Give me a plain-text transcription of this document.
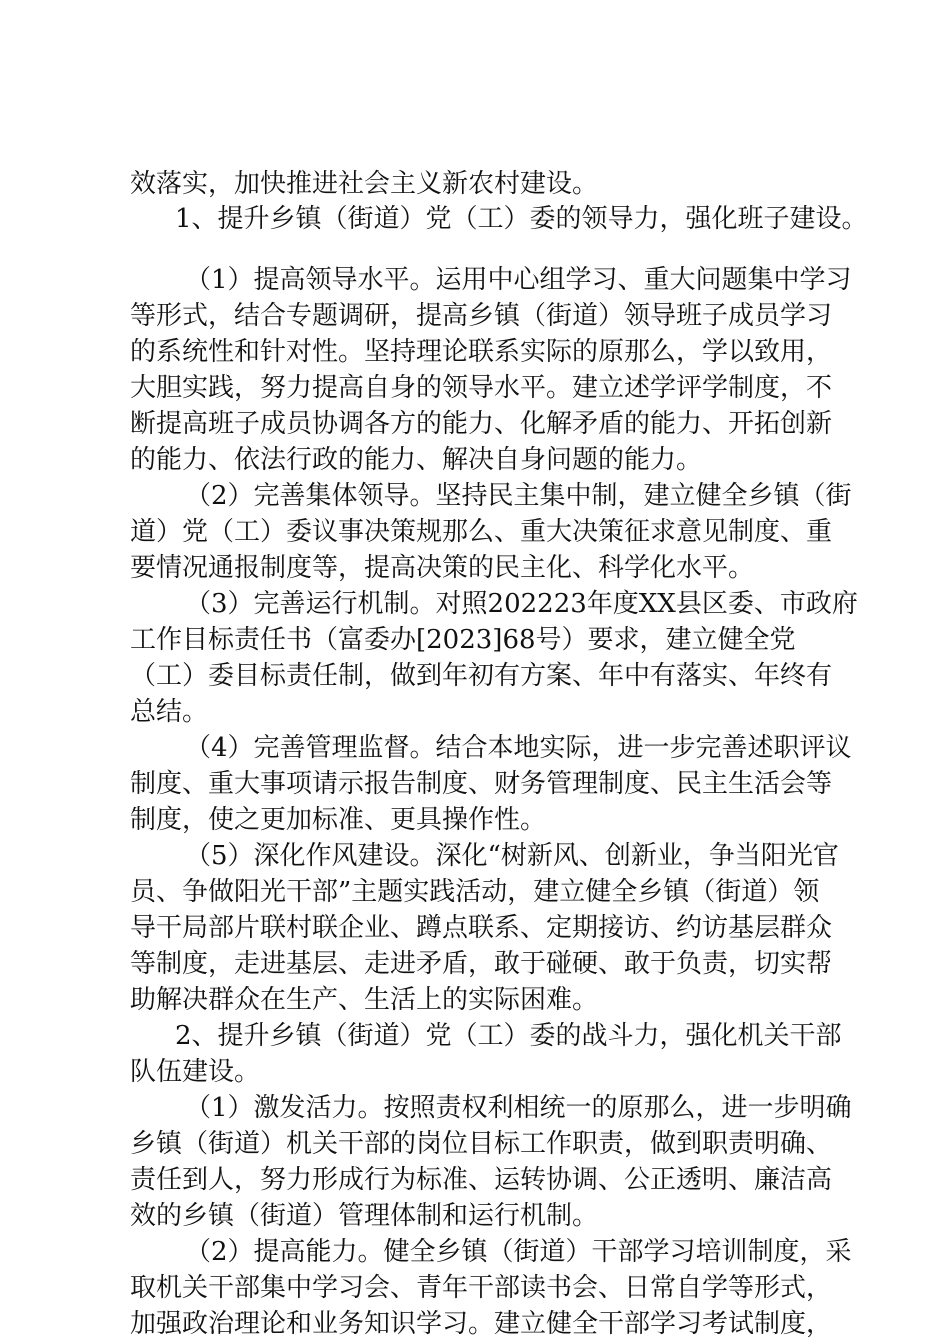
效落实，加快推进社会主义新农村建设。
1、提升乡镇（街道）党（工）委的领导力，强化班子建设。
（1）提高领导水平。运用中心组学习、重大问题集中学习
等形式，结合专题调研，提高乡镇（街道）领导班子成员学习
的系统性和针对性。坚持理论联系实际的原那么，学以致用，
大胆实践，努力提高自身的领导水平。建立述学评学制度，不
断提高班子成员协调各方的能力、化解矛盾的能力、开拓创新
的能力、依法行政的能力、解决自身问题的能力。
（2）完善集体领导。坚持民主集中制，建立健全乡镇（街
道）党（工）委议事决策规那么、重大决策征求意见制度、重
要情况通报制度等，提高决策的民主化、科学化水平。
（3）完善运行机制。对照202223年度XX县区委、市政府
工作目标责任书（富委办[2023]68号）要求，建立健全党
（工）委目标责任制，做到年初有方案、年中有落实、年终有
总结。
（4）完善管理监督。结合本地实际，进一步完善述职评议
制度、重大事项请示报告制度、财务管理制度、民主生活会等
制度，使之更加标准、更具操作性。
（5）深化作风建设。深化“树新风、创新业，争当阳光官
员、争做阳光干部”主题实践活动，建立健全乡镇（街道）领
导干局部片联村联企业、蹲点联系、定期接访、约访基层群众
等制度，走进基层、走进矛盾，敢于碰硬、敢于负责，切实帮
助解决群众在生产、生活上的实际困难。
2、提升乡镇（街道）党（工）委的战斗力，强化机关干部
队伍建设。
（1）激发活力。按照责权利相统一的原那么，进一步明确
乡镇（街道）机关干部的岗位目标工作职责，做到职责明确、
责任到人，努力形成行为标准、运转协调、公正透明、廉洁高
效的乡镇（街道）管理体制和运行机制。
（2）提高能力。健全乡镇（街道）干部学习培训制度，采
取机关干部集中学习会、青年干部读书会、日常自学等形式，
加强政治理论和业务知识学习。建立健全干部学习考试制度，
